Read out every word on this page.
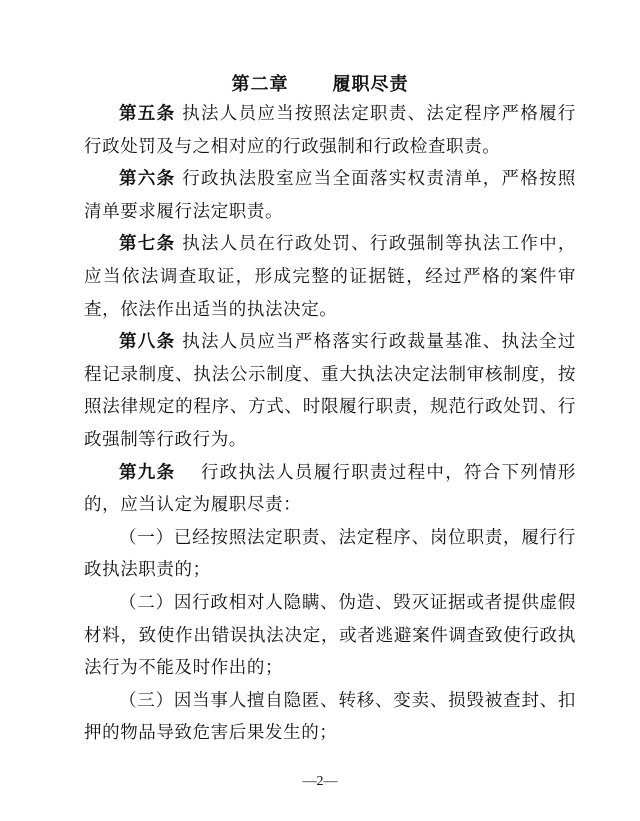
第二章 履职尽责

第五条 执法人员应当按照法定职责、法定程序严格履行行政处罚及与之相对应的行政强制和行政检查职责。

第六条 行政执法股室应当全面落实权责清单，严格按照清单要求履行法定职责。

第七条 执法人员在行政处罚、行政强制等执法工作中，应当依法调查取证，形成完整的证据链，经过严格的案件审查，依法作出适当的执法决定。

第八条 执法人员应当严格落实行政裁量基准、执法全过程记录制度、执法公示制度、重大执法决定法制审核制度，按照法律规定的程序、方式、时限履行职责，规范行政处罚、行政强制等行政行为。

第九条 　行政执法人员履行职责过程中，符合下列情形的，应当认定为履职尽责：

（一）已经按照法定职责、法定程序、岗位职责，履行行政执法职责的；

（二）因行政相对人隐瞒、伪造、毁灭证据或者提供虚假材料，致使作出错误执法决定，或者逃避案件调查致使行政执法行为不能及时作出的；

（三）因当事人擅自隐匿、转移、变卖、损毁被查封、扣押的物品导致危害后果发生的；

—2—
